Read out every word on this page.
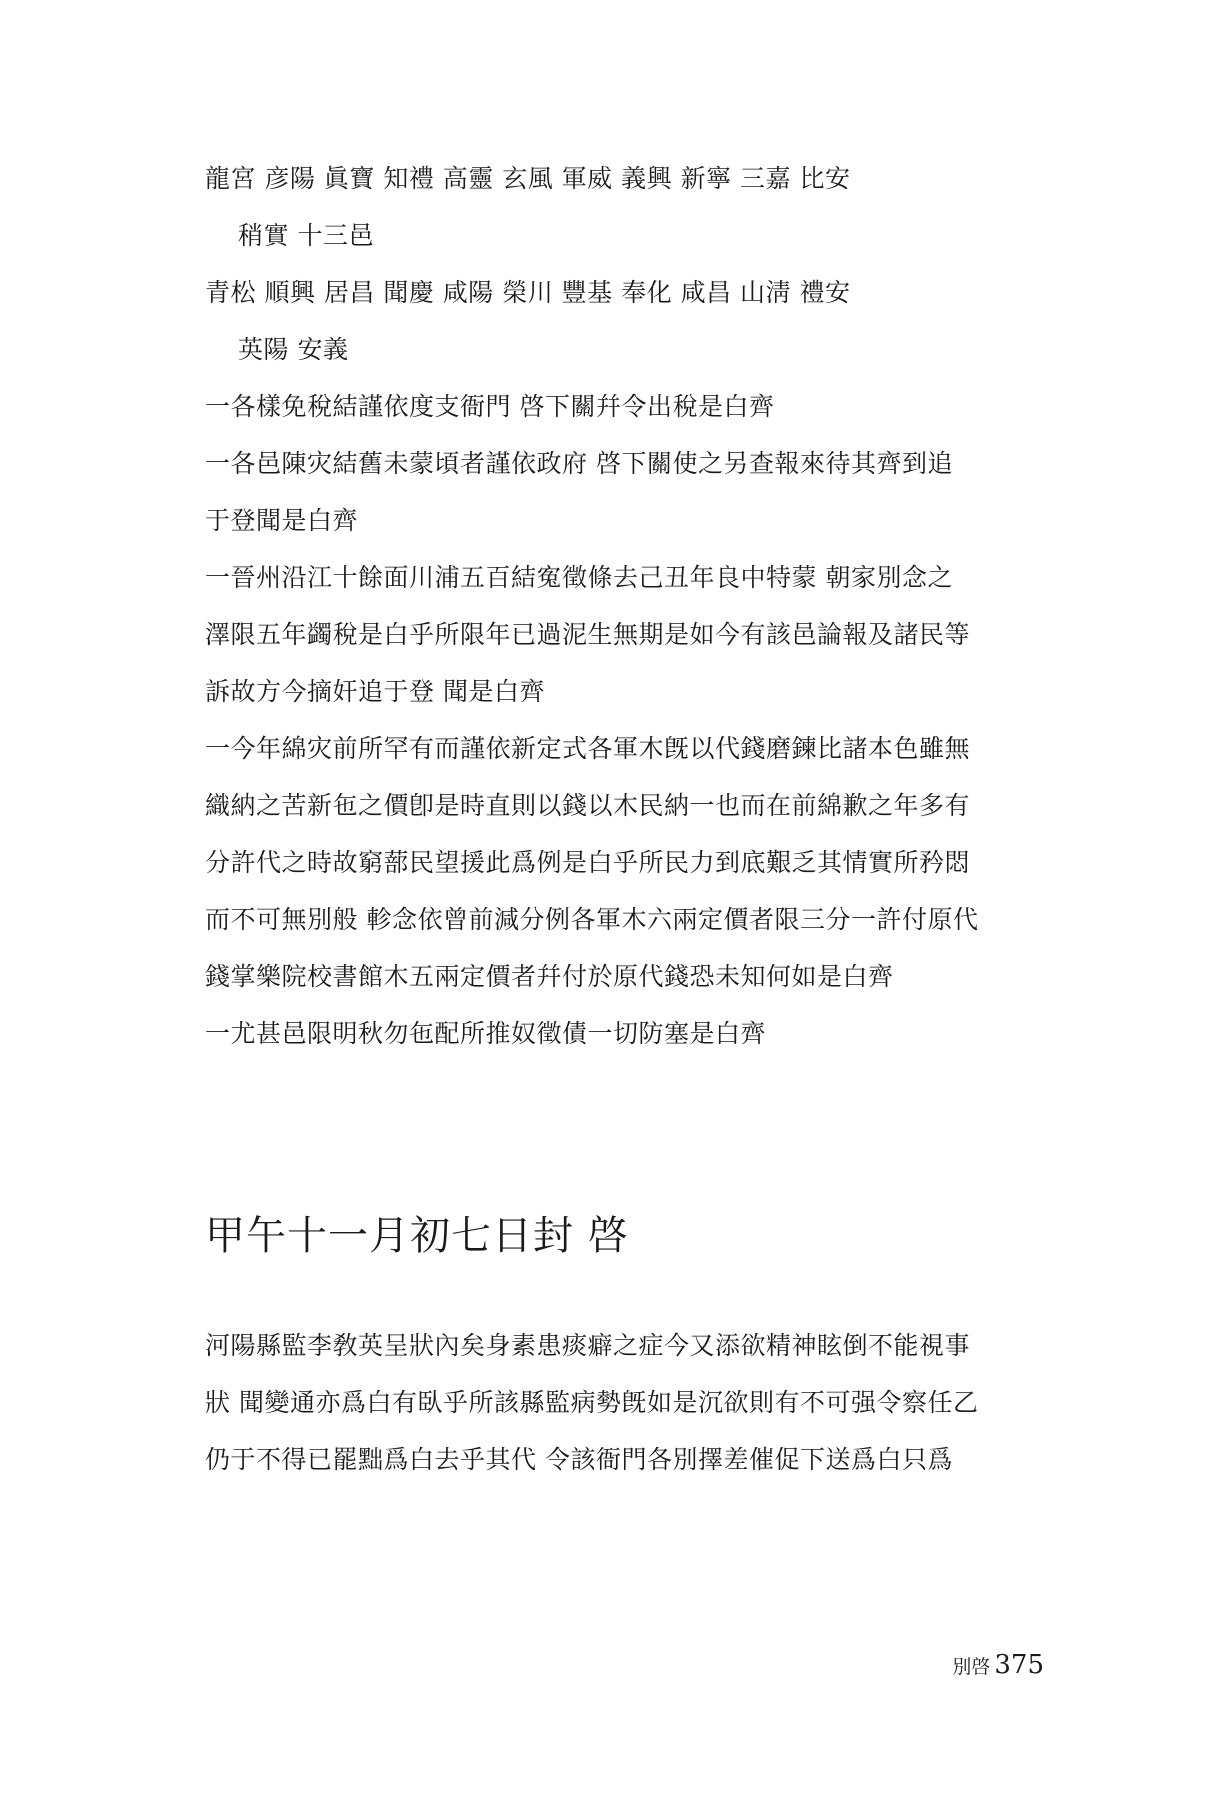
龍宮 彦陽 眞寶 知禮 高靈 玄風 軍威 義興 新寧 三嘉 比安
稍實 十三邑
青松 順興 居昌 聞慶 咸陽 榮川 豐基 奉化 咸昌 山淸 禮安
英陽 安義
一各樣免稅結謹依度支衙門 啓下關幷令出稅是白齊
一各邑陳灾結舊未蒙頃者謹依政府 啓下關使之另查報來待其齊到追
于登聞是白齊
一晉州沿江十餘面川浦五百結寃徵條去己丑年良中特蒙 朝家別念之
澤限五年蠲稅是白乎所限年已過泥生無期是如今有該邑論報及諸民等
訴故方今摘奸追于登 聞是白齊
一今年綿灾前所罕有而謹依新定式各軍木旣以代錢磨鍊比諸本色雖無
織納之苦新㐌之價卽是時直則以錢以木民納一也而在前綿歉之年多有
分許代之時故窮蔀民望援此爲例是白乎所民力到底艱乏其情實所矜悶
而不可無別般 軫念依曾前減分例各軍木六兩定價者限三分一許付原代
錢掌樂院校書館木五兩定價者幷付於原代錢恐未知何如是白齊
一尤甚邑限明秋勿㐌配所推奴徵債一切防塞是白齊
甲午十一月初七日封 啓
河陽縣監李敎英呈狀內矣身素患痰癖之症今又添欲精神眩倒不能視事
狀 聞變通亦爲白有臥乎所該縣監病勢旣如是沉欲則有不可强令察任乙
仍于不得已罷黜爲白去乎其代 令該衙門各別擇差催促下送爲白只爲
別啓 375
